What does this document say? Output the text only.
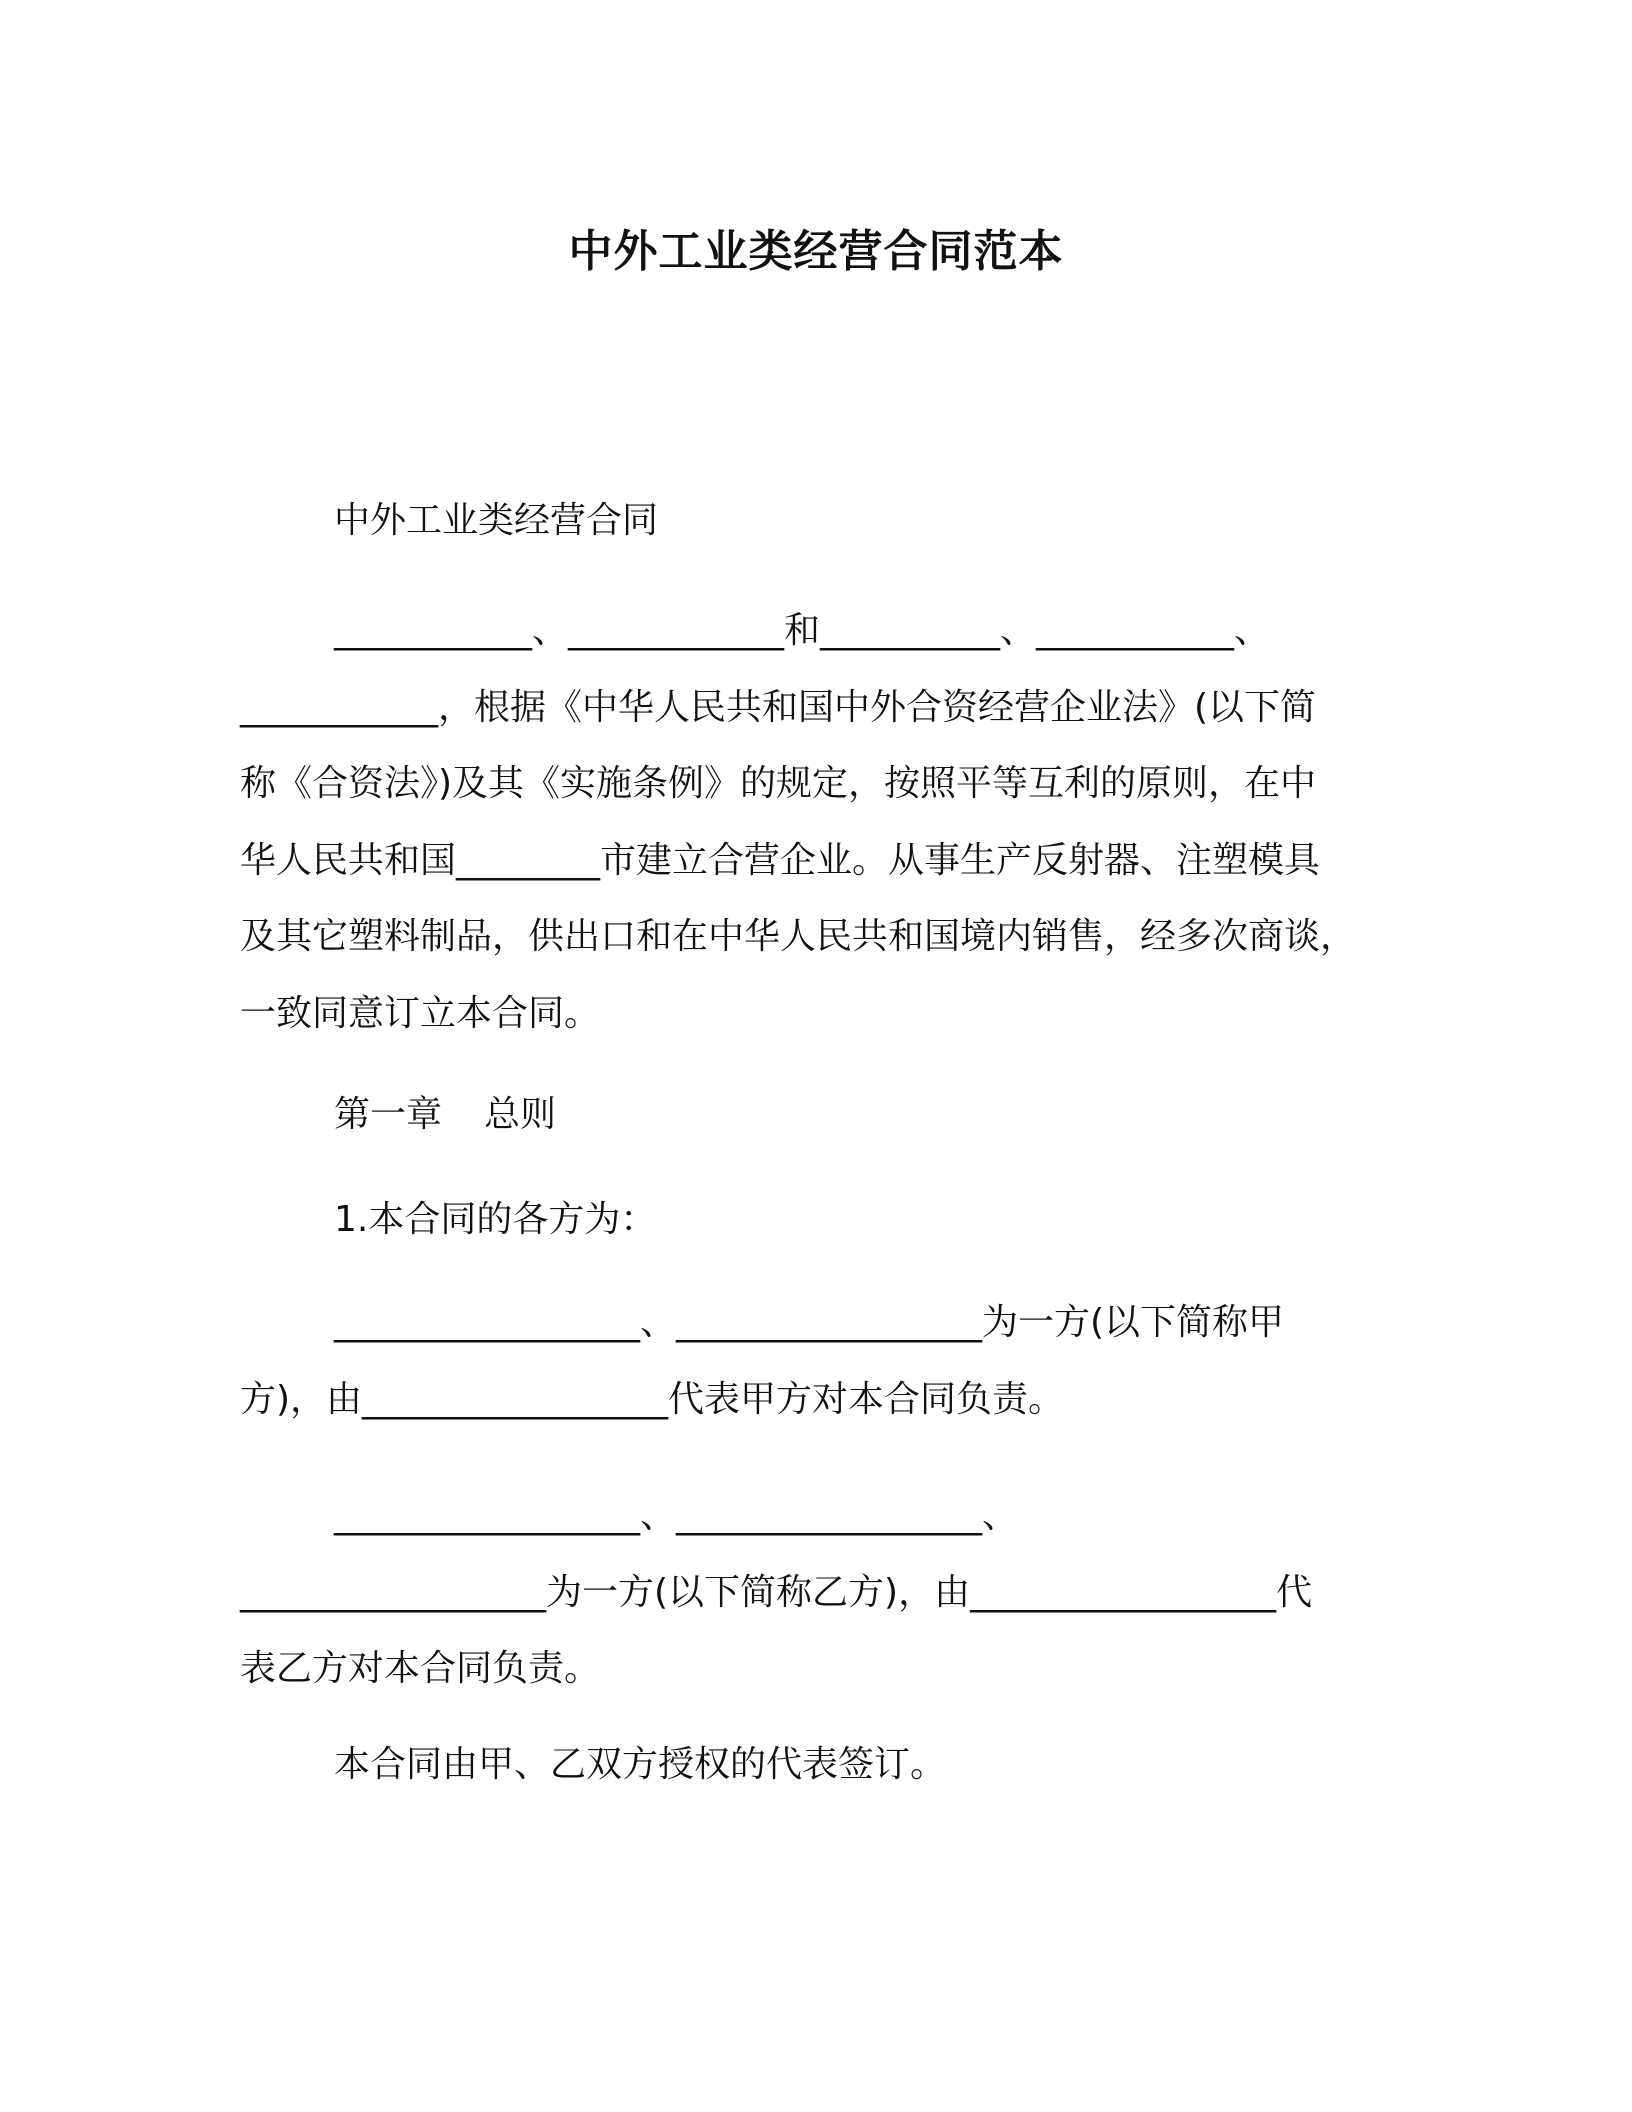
中外工业类经营合同范本
中外工业类经营合同
___________、____________和__________、___________、
___________，根据《中华人民共和国中外合资经营企业法》(以下简
称《合资法》)及其《实施条例》的规定，按照平等互利的原则，在中
华人民共和国________市建立合营企业。从事生产反射器、注塑模具
及其它塑料制品，供出口和在中华人民共和国境内销售，经多次商谈，
一致同意订立本合同。
第一章 总则
1.本合同的各方为：
_________________、_________________为一方(以下简称甲
方)，由_________________代表甲方对本合同负责。
_________________、_________________、
_________________为一方(以下简称乙方)，由_________________代
表乙方对本合同负责。
本合同由甲、乙双方授权的代表签订。
